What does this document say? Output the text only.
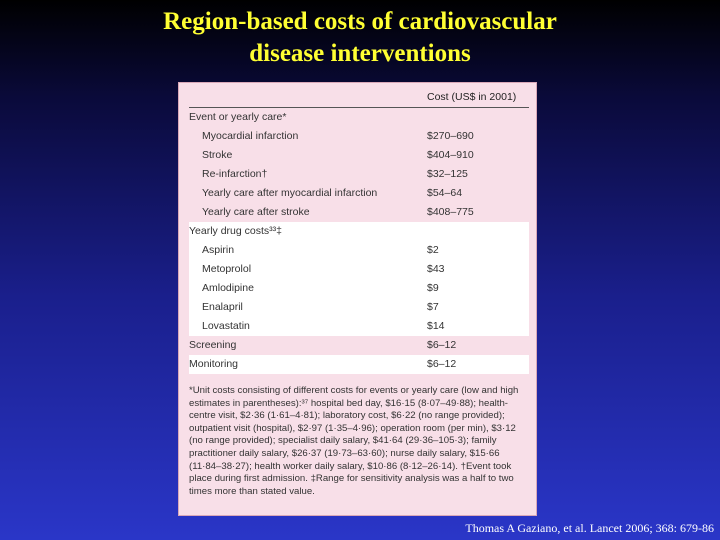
Region-based costs of cardiovascular
disease interventions
Cost (US$ in 2001)
Event or yearly care*
Myocardial infarction	$270–690
Stroke	$404–910
Re-infarction†	$32–125
Yearly care after myocardial infarction	$54–64
Yearly care after stroke	$408–775
Yearly drug costs³³‡
Aspirin	$2
Metoprolol	$43
Amlodipine	$9
Enalapril	$7
Lovastatin	$14
Screening	$6–12
Monitoring	$6–12
*Unit costs consisting of different costs for events or yearly care (low and high estimates in parentheses):³⁷ hospital bed day, $16·15 (8·07–49·88); health-centre visit, $2·36 (1·61–4·81); laboratory cost, $6·22 (no range provided); outpatient visit (hospital), $2·97 (1·35–4·96); operation room (per min), $3·12 (no range provided); specialist daily salary, $41·64 (29·36–105·3); family practitioner daily salary, $26·37 (19·73–63·60); nurse daily salary, $15·66 (11·84–38·27); health worker daily salary, $10·86 (8·12–26·14). †Event took place during first admission. ‡Range for sensitivity analysis was a half to two times more than stated value.
Thomas A Gaziano, et al. Lancet 2006; 368: 679-86
